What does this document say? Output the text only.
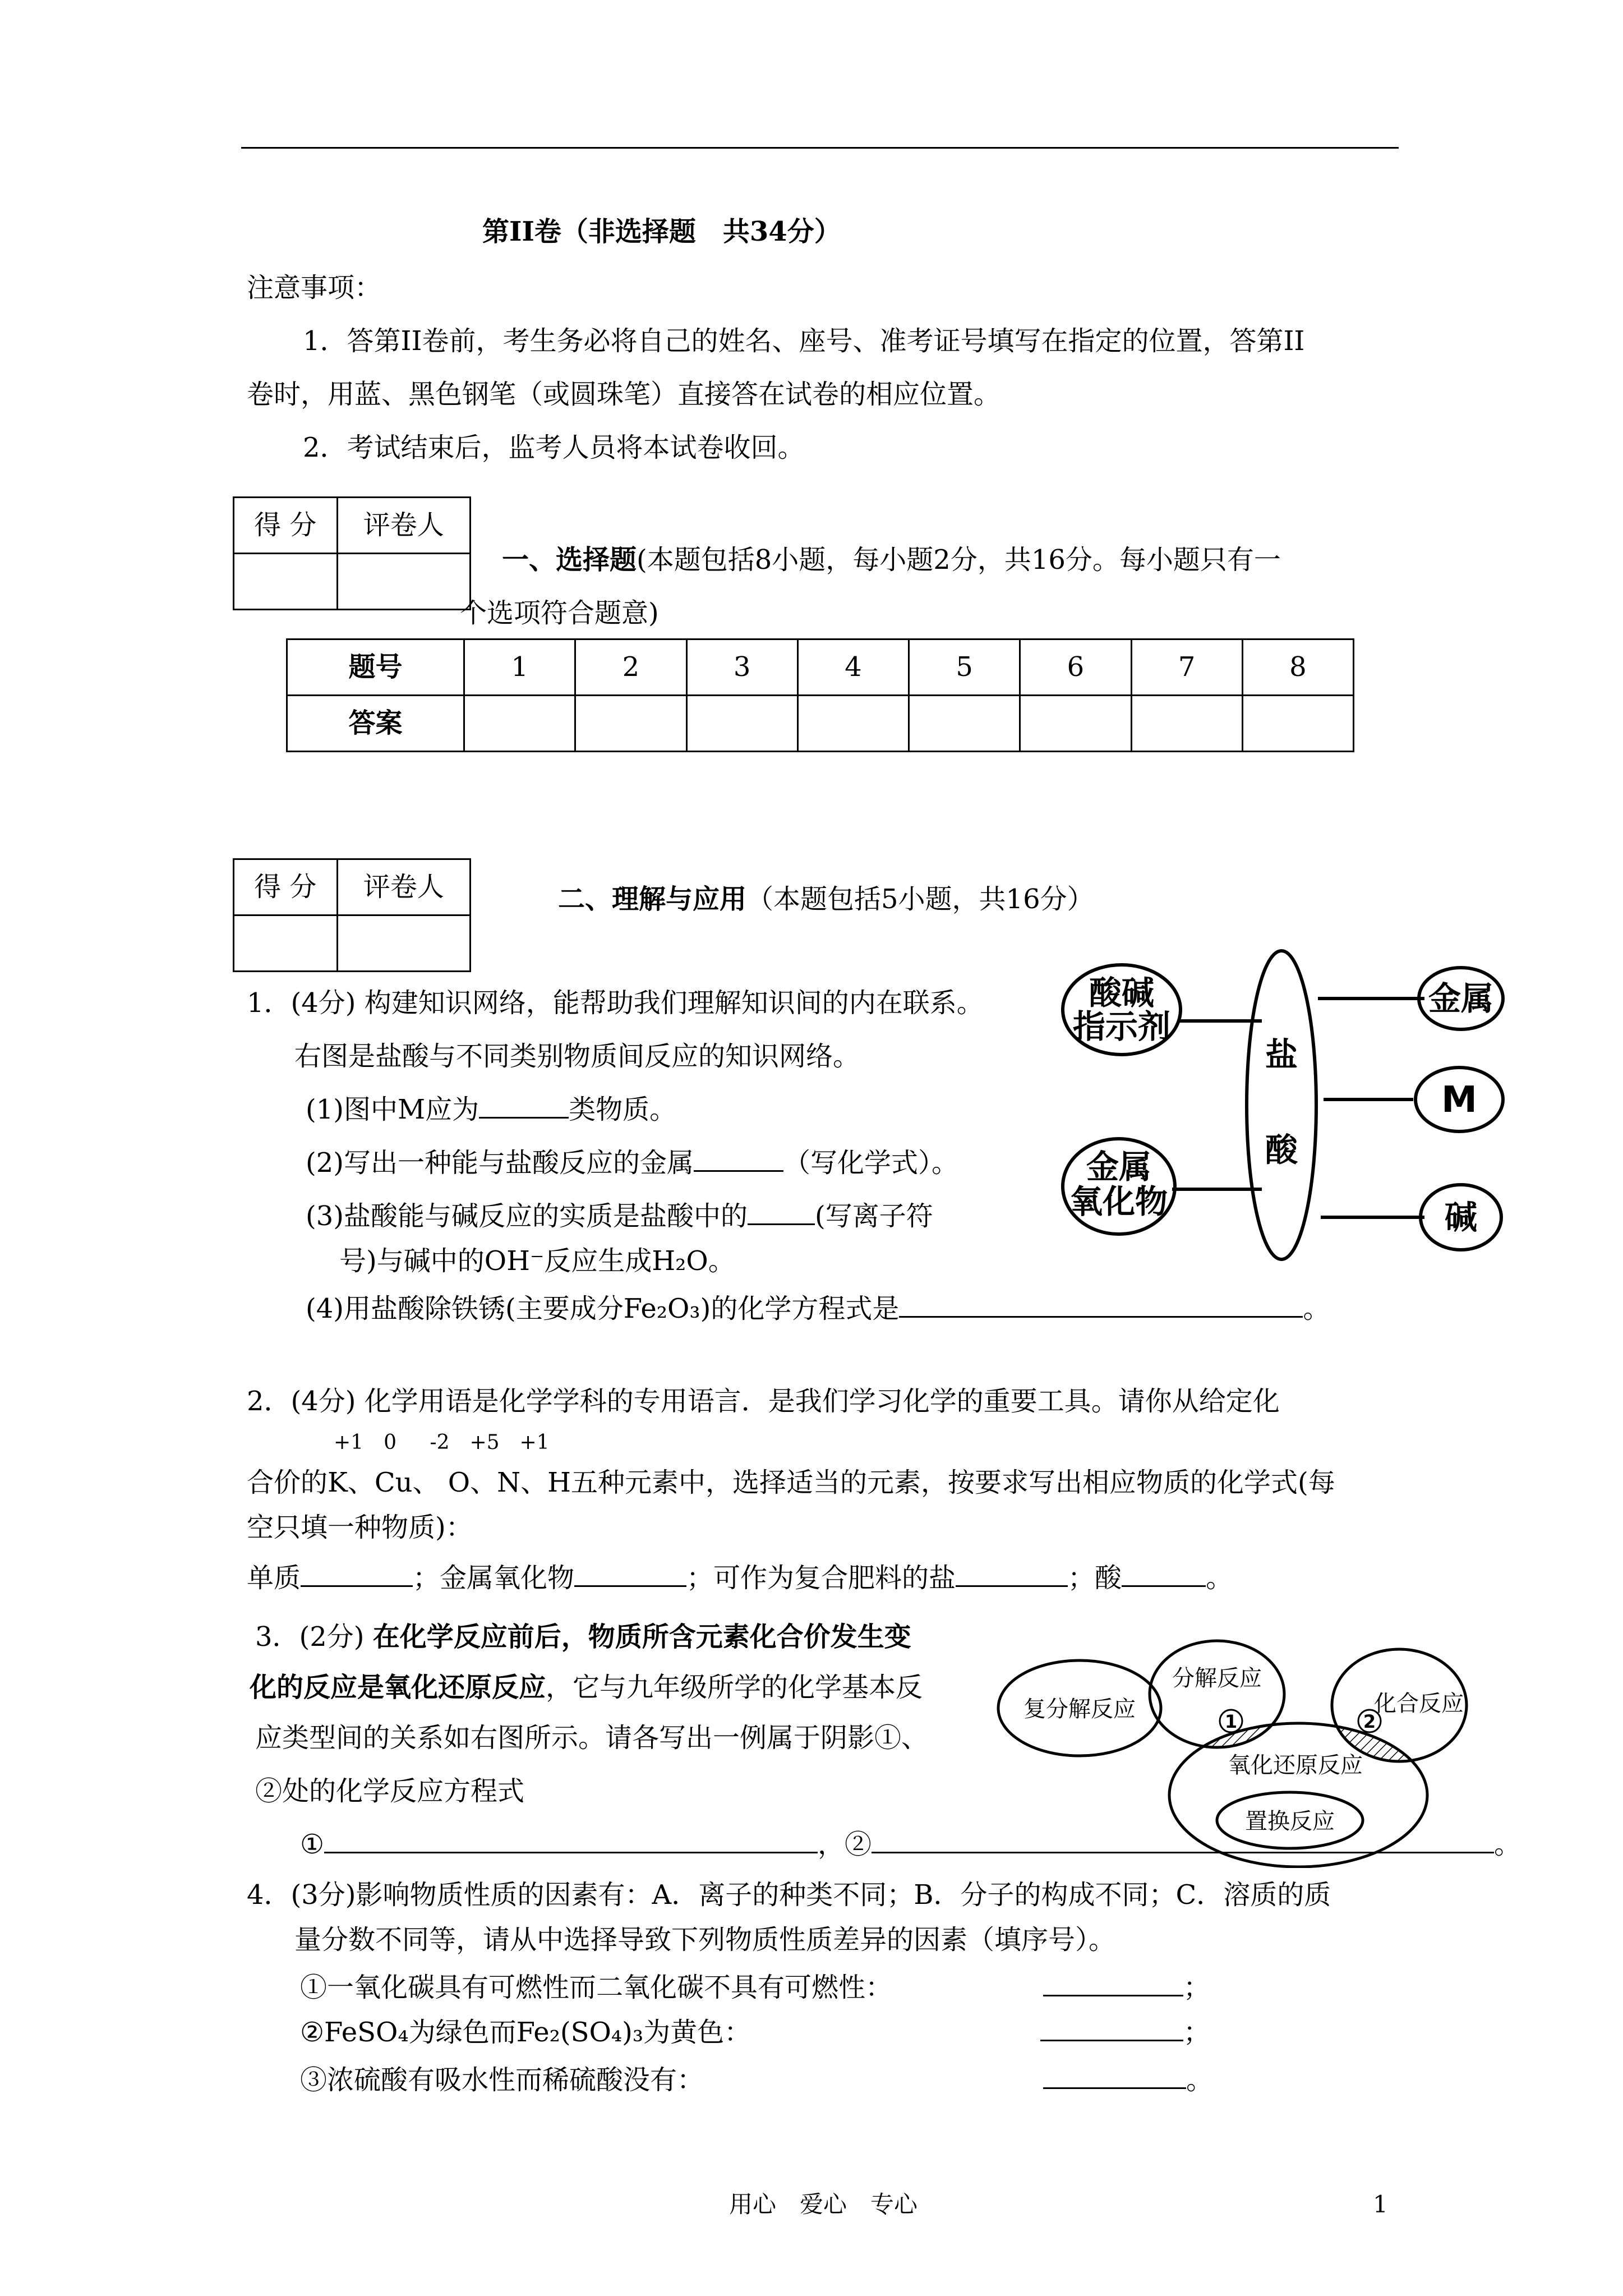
第II卷（非选择题　共34分）
注意事项：
1．答第II卷前，考生务必将自己的姓名、座号、准考证号填写在指定的位置，答第II
卷时，用蓝、黑色钢笔（或圆珠笔）直接答在试卷的相应位置。
2．考试结束后，监考人员将本试卷收回。
得 分	评卷人

一、选择题(本题包括8小题，每小题2分，共16分。每小题只有一
个选项符合题意)
题号	1	2	3	4	5	6	7	8
答案								
得 分	评卷人
		二、理解与应用（本题包括5小题，共16分）
1．(4分) 构建知识网络，能帮助我们理解知识间的内在联系。
右图是盐酸与不同类别物质间反应的知识网络。
(1)图中M应为	类物质。
(2)写出一种能与盐酸反应的金属	（写化学式）。
(3)盐酸能与碱反应的实质是盐酸中的	(写离子符
号)与碱中的OH⁻反应生成H₂O。
(4)用盐酸除铁锈(主要成分Fe₂O₃)的化学方程式是	。
酸碱
指示剂
金属
氧化物
盐
酸
金属
M
碱
2．(4分) 化学用语是化学学科的专用语言．是我们学习化学的重要工具。请你从给定化
+1　0　 -2　+5　+1
合价的K、Cu、 O、N、H五种元素中，选择适当的元素，按要求写出相应物质的化学式(每
空只填一种物质)：
单质	；金属氧化物	；可作为复合肥料的盐	；酸	。
3．(2分) 在化学反应前后，物质所含元素化合价发生变
化的反应是氧化还原反应，它与九年级所学的化学基本反
应类型间的关系如右图所示。请各写出一例属于阴影①、
②处的化学反应方程式
①	，②	。
复分解反应
分解反应
化合反应
氧化还原反应
置换反应
1	2
4．(3分)影响物质性质的因素有：A．离子的种类不同；B．分子的构成不同；C．溶质的质
量分数不同等，请从中选择导致下列物质性质差异的因素（填序号）。
①一氧化碳具有可燃性而二氧化碳不具有可燃性：	；
②FeSO₄为绿色而Fe₂(SO₄)₃为黄色：	；
③浓硫酸有吸水性而稀硫酸没有：	。
用心　爱心　专心	1
